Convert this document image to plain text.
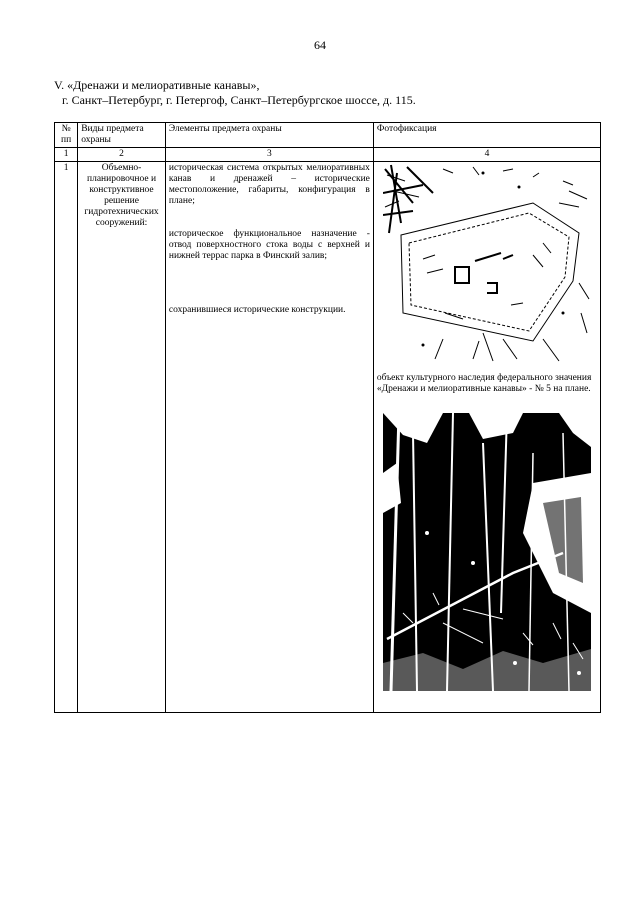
64
V. «Дренажи и мелиоративные канавы»,
г. Санкт–Петербург, г. Петергоф, Санкт–Петербургское шоссе, д. 115.
№ пп	Виды предмета охраны	Элементы предмета охраны	Фотофиксация
1	2	3	4
1	Объемно-планировочное и конструктивное решение гидротехнических сооружений:	историческая система открытых мелиоративных канав и дренажей – исторические местоположение, габариты, конфигурация в плане;
историческое функциональное назначение - отвод поверхностного стока воды с верхней и нижней террас парка в Финский залив;
сохранившиеся исторические конструкции.	объект культурного наследия федерального значения «Дренажи и мелиоративные канавы» - № 5 на плане.
